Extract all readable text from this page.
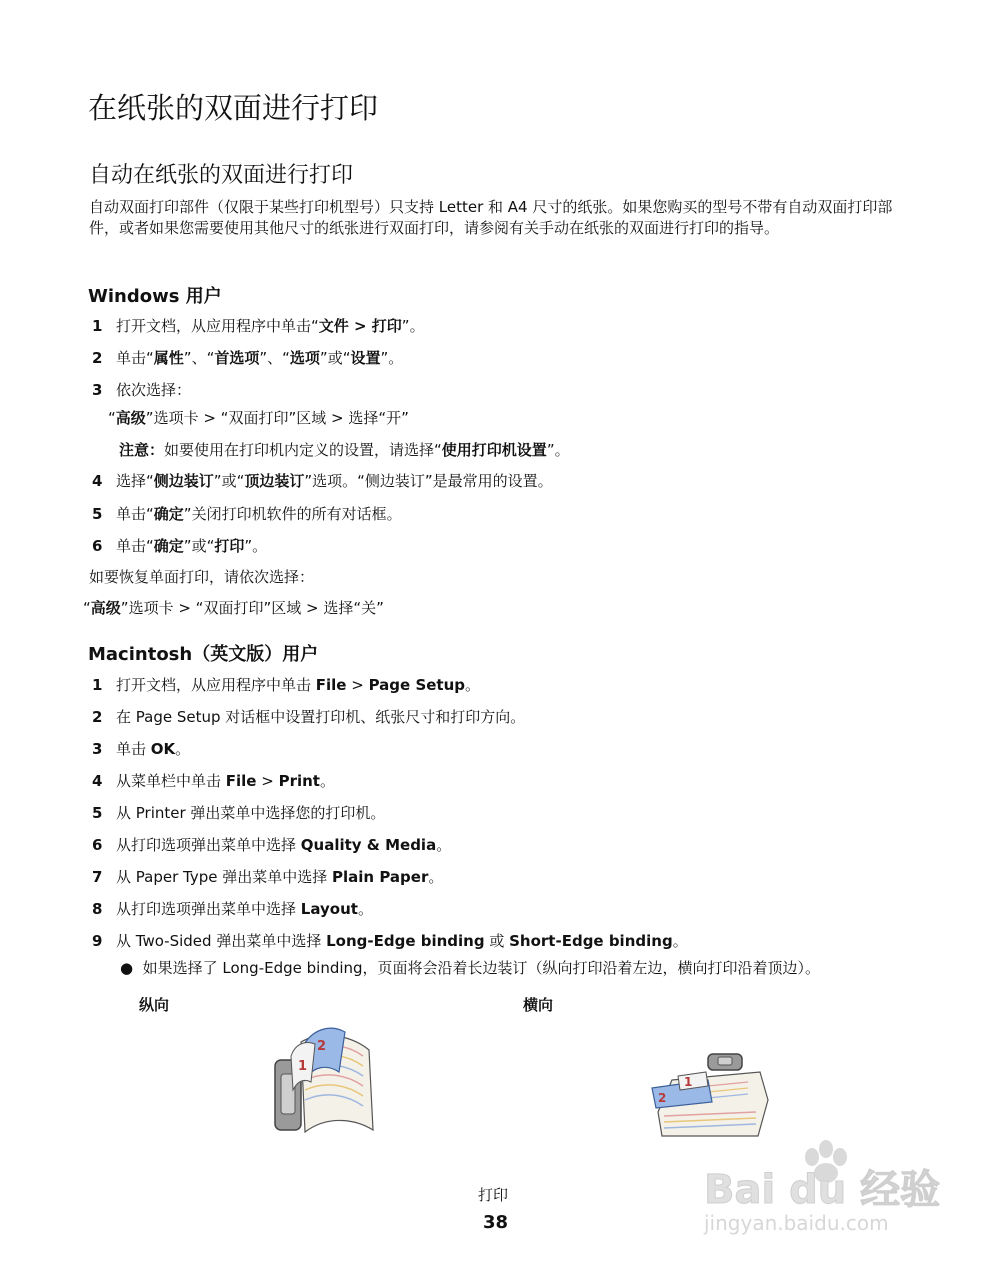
在纸张的双面进行打印
自动在纸张的双面进行打印
自动双面打印部件（仅限于某些打印机型号）只支持 Letter 和 A4 尺寸的纸张。如果您购买的型号不带有自动双面打印部件，或者如果您需要使用其他尺寸的纸张进行双面打印，请参阅有关手动在纸张的双面进行打印的指导。
Windows 用户
1 打开文档，从应用程序中单击“文件 > 打印”。
2 单击“属性”、“首选项”、“选项”或“设置”。
3 依次选择：
“高级”选项卡 > “双面打印”区域 > 选择“开”
注意：如要使用在打印机内定义的设置，请选择“使用打印机设置”。
4 选择“侧边装订”或“顶边装订”选项。“侧边装订”是最常用的设置。
5 单击“确定”关闭打印机软件的所有对话框。
6 单击“确定”或“打印”。
如要恢复单面打印，请依次选择：
“高级”选项卡 > “双面打印”区域 > 选择“关”
Macintosh（英文版）用户
1 打开文档，从应用程序中单击 File > Page Setup。
2 在 Page Setup 对话框中设置打印机、纸张尺寸和打印方向。
3 单击 OK。
4 从菜单栏中单击 File > Print。
5 从 Printer 弹出菜单中选择您的打印机。
6 从打印选项弹出菜单中选择 Quality & Media。
7 从 Paper Type 弹出菜单中选择 Plain Paper。
8 从打印选项弹出菜单中选择 Layout。
9 从 Two-Sided 弹出菜单中选择 Long-Edge binding 或 Short-Edge binding。
● 如果选择了 Long-Edge binding，页面将会沿着长边装订（纵向打印沿着左边，横向打印沿着顶边）。
纵向	横向
1
2
2
1
Bai du 经验
jingyan.baidu.com
打印
38
